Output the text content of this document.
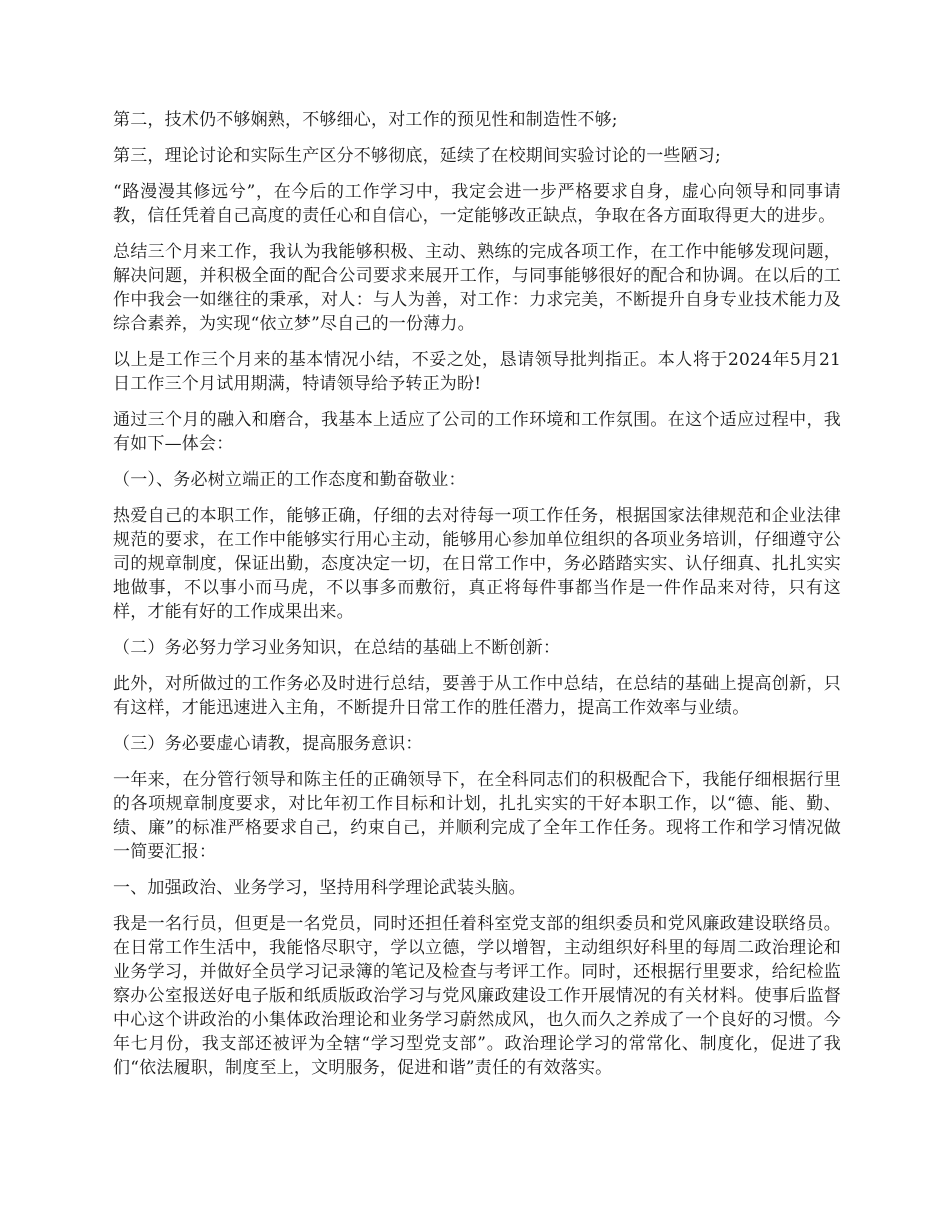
第二，技术仍不够娴熟，不够细心，对工作的预见性和制造性不够;

第三，理论讨论和实际生产区分不够彻底，延续了在校期间实验讨论的一些陋习;

“路漫漫其修远兮”，在今后的工作学习中，我定会进一步严格要求自身，虚心向领导和同事请教，信任凭着自己高度的责任心和自信心，一定能够改正缺点，争取在各方面取得更大的进步。

总结三个月来工作，我认为我能够积极、主动、熟练的完成各项工作，在工作中能够发现问题，解决问题，并积极全面的配合公司要求来展开工作，与同事能够很好的配合和协调。在以后的工作中我会一如继往的秉承，对人：与人为善，对工作：力求完美，不断提升自身专业技术能力及综合素养，为实现“依立梦”尽自己的一份薄力。

以上是工作三个月来的基本情况小结，不妥之处，恳请领导批判指正。本人将于2024年5月21日工作三个月试用期满，特请领导给予转正为盼!

通过三个月的融入和磨合，我基本上适应了公司的工作环境和工作氛围。在这个适应过程中，我有如下—体会：

（一）、务必树立端正的工作态度和勤奋敬业：

热爱自己的本职工作，能够正确，仔细的去对待每一项工作任务，根据国家法律规范和企业法律规范的要求，在工作中能够实行用心主动，能够用心参加单位组织的各项业务培训，仔细遵守公司的规章制度，保证出勤，态度决定一切，在日常工作中，务必踏踏实实、认仔细真、扎扎实实地做事，不以事小而马虎，不以事多而敷衍，真正将每件事都当作是一件作品来对待，只有这样，才能有好的工作成果出来。

（二）务必努力学习业务知识，在总结的基础上不断创新：

此外，对所做过的工作务必及时进行总结，要善于从工作中总结，在总结的基础上提高创新，只有这样，才能迅速进入主角，不断提升日常工作的胜任潜力，提高工作效率与业绩。

（三）务必要虚心请教，提高服务意识：

一年来，在分管行领导和陈主任的正确领导下，在全科同志们的积极配合下，我能仔细根据行里的各项规章制度要求，对比年初工作目标和计划，扎扎实实的干好本职工作，以“德、能、勤、绩、廉”的标准严格要求自己，约束自己，并顺利完成了全年工作任务。现将工作和学习情况做一简要汇报：

一、加强政治、业务学习，坚持用科学理论武装头脑。

我是一名行员，但更是一名党员，同时还担任着科室党支部的组织委员和党风廉政建设联络员。在日常工作生活中，我能恪尽职守，学以立德，学以增智，主动组织好科里的每周二政治理论和业务学习，并做好全员学习记录簿的笔记及检查与考评工作。同时，还根据行里要求，给纪检监察办公室报送好电子版和纸质版政治学习与党风廉政建设工作开展情况的有关材料。使事后监督中心这个讲政治的小集体政治理论和业务学习蔚然成风，也久而久之养成了一个良好的习惯。今年七月份，我支部还被评为全辖“学习型党支部”。政治理论学习的常常化、制度化，促进了我们“依法履职，制度至上，文明服务，促进和谐”责任的有效落实。
